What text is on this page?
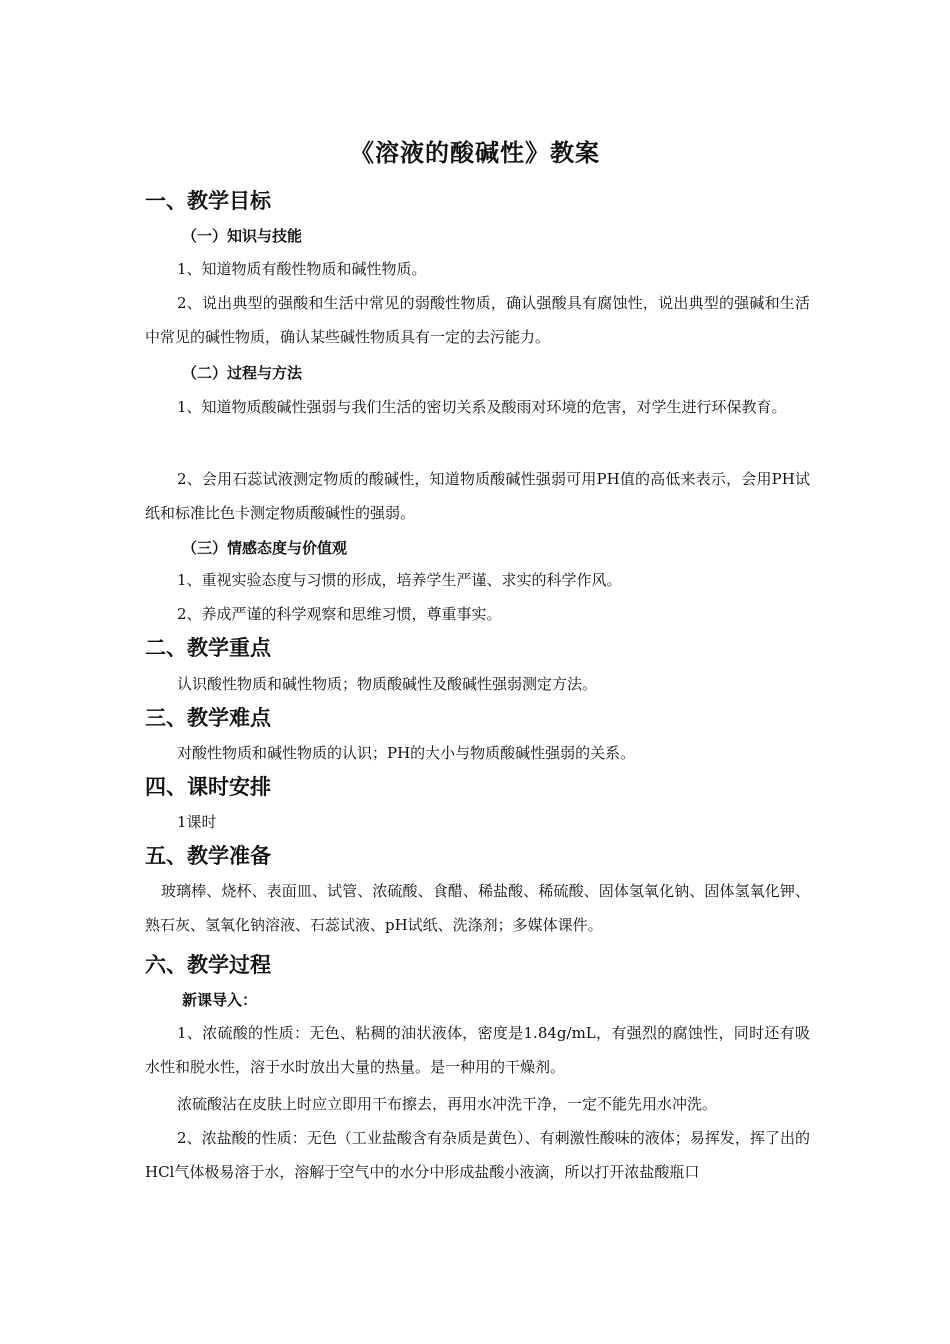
《溶液的酸碱性》教案
一、教学目标
（一）知识与技能
1、知道物质有酸性物质和碱性物质。
2、说出典型的强酸和生活中常见的弱酸性物质，确认强酸具有腐蚀性，说出典型的强碱和生活中常见的碱性物质，确认某些碱性物质具有一定的去污能力。
（二）过程与方法
1、知道物质酸碱性强弱与我们生活的密切关系及酸雨对环境的危害，对学生进行环保教育。
2、会用石蕊试液测定物质的酸碱性，知道物质酸碱性强弱可用PH值的高低来表示，会用PH试纸和标准比色卡测定物质酸碱性的强弱。
（三）情感态度与价值观
1、重视实验态度与习惯的形成，培养学生严谨、求实的科学作风。
2、养成严谨的科学观察和思维习惯，尊重事实。
二、教学重点
认识酸性物质和碱性物质；物质酸碱性及酸碱性强弱测定方法。
三、教学难点
对酸性物质和碱性物质的认识；PH的大小与物质酸碱性强弱的关系。
四、课时安排
1课时
五、教学准备
玻璃棒、烧杯、表面皿、试管、浓硫酸、食醋、稀盐酸、稀硫酸、固体氢氧化钠、固体氢氧化钾、熟石灰、氢氧化钠溶液、石蕊试液、pH试纸、洗涤剂；多媒体课件。
六、教学过程
新课导入：
1、浓硫酸的性质：无色、粘稠的油状液体，密度是1.84g/mL，有强烈的腐蚀性，同时还有吸水性和脱水性，溶于水时放出大量的热量。是一种用的干燥剂。
浓硫酸沾在皮肤上时应立即用干布擦去，再用水冲洗干净，一定不能先用水冲洗。
2、浓盐酸的性质：无色（工业盐酸含有杂质是黄色）、有刺激性酸味的液体；易挥发，挥了出的HCl气体极易溶于水，溶解于空气中的水分中形成盐酸小液滴，所以打开浓盐酸瓶口
